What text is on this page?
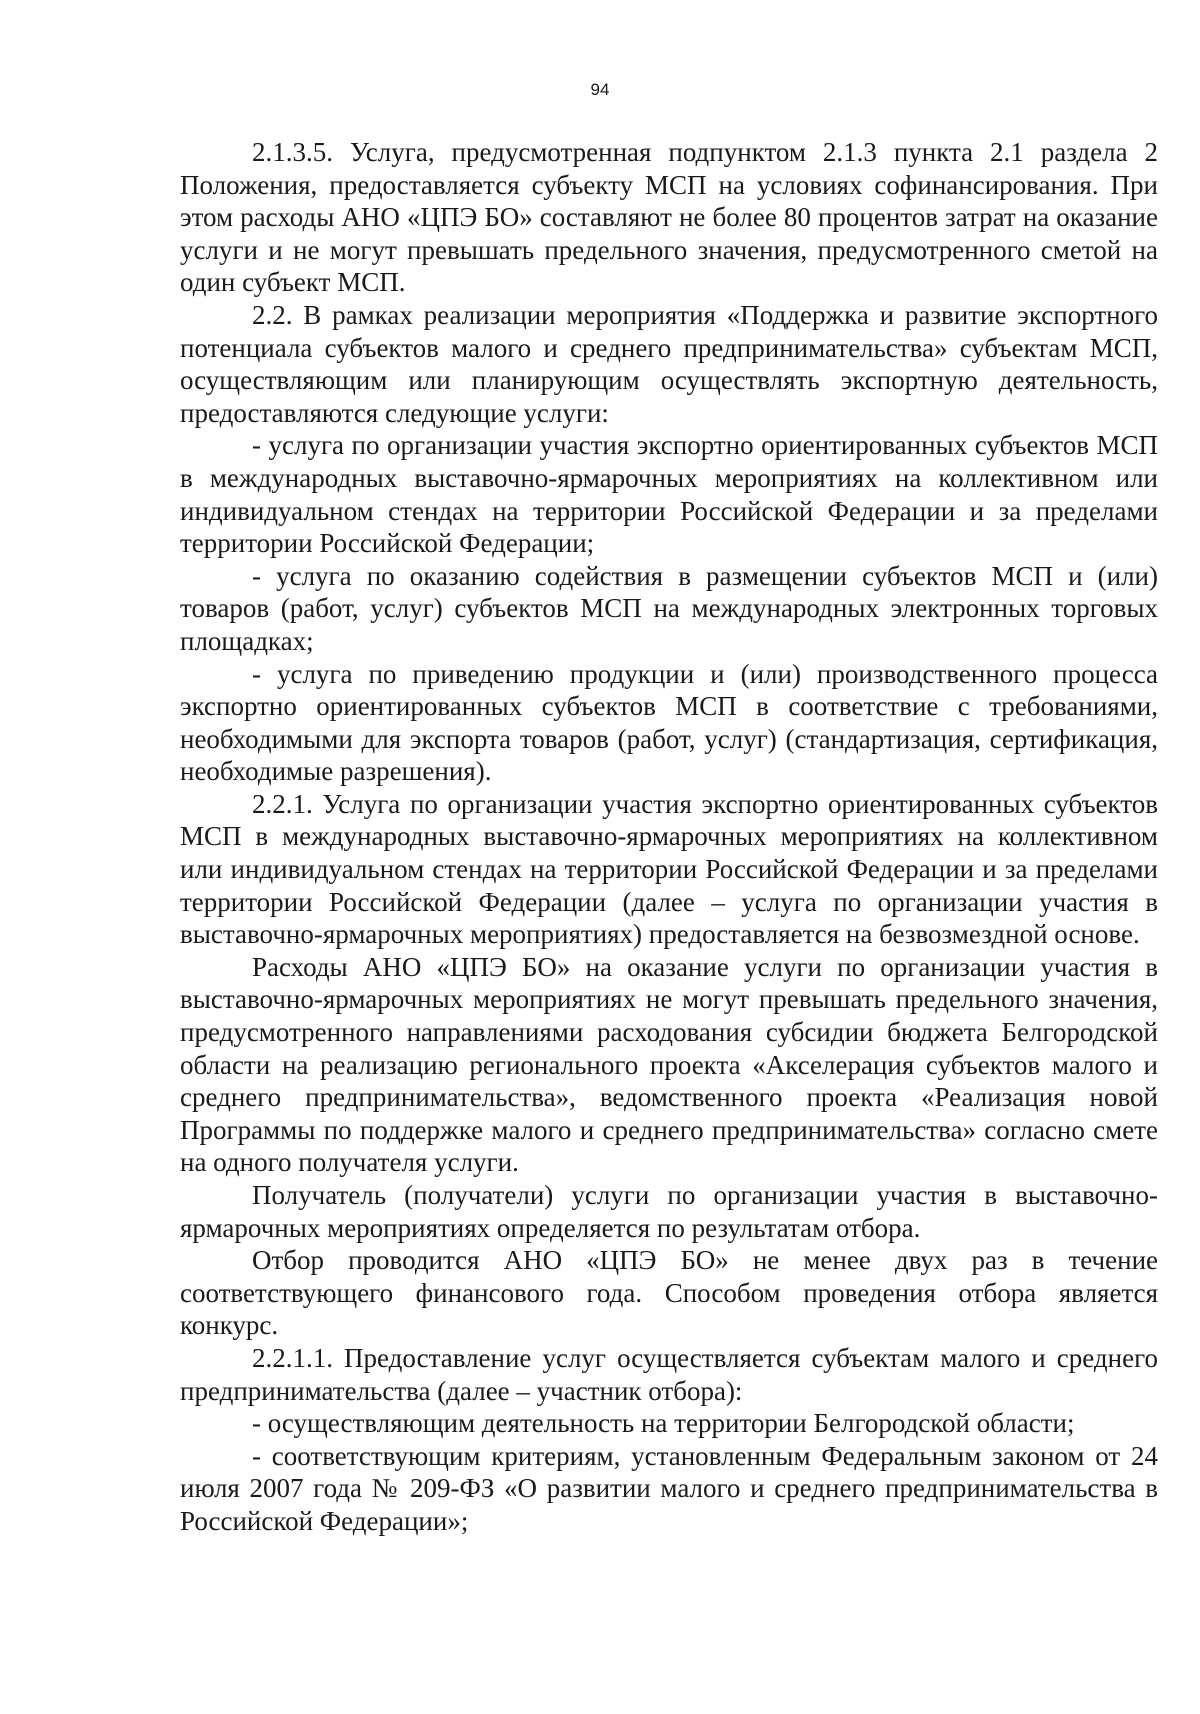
94

2.1.3.5. Услуга, предусмотренная подпунктом 2.1.3 пункта 2.1 раздела 2 Положения, предоставляется субъекту МСП на условиях софинансирования. При этом расходы АНО «ЦПЭ БО» составляют не более 80 процентов затрат на оказание услуги и не могут превышать предельного значения, предусмотренного сметой на один субъект МСП.

2.2. В рамках реализации мероприятия «Поддержка и развитие экспортного потенциала субъектов малого и среднего предпринимательства» субъектам МСП, осуществляющим или планирующим осуществлять экспортную деятельность, предоставляются следующие услуги:

- услуга по организации участия экспортно ориентированных субъектов МСП в международных выставочно-ярмарочных мероприятиях на коллективном или индивидуальном стендах на территории Российской Федерации и за пределами территории Российской Федерации;

- услуга по оказанию содействия в размещении субъектов МСП и (или) товаров (работ, услуг) субъектов МСП на международных электронных торговых площадках;

- услуга по приведению продукции и (или) производственного процесса экспортно ориентированных субъектов МСП в соответствие с требованиями, необходимыми для экспорта товаров (работ, услуг) (стандартизация, сертификация, необходимые разрешения).

2.2.1. Услуга по организации участия экспортно ориентированных субъектов МСП в международных выставочно-ярмарочных мероприятиях на коллективном или индивидуальном стендах на территории Российской Федерации и за пределами территории Российской Федерации (далее – услуга по организации участия в выставочно-ярмарочных мероприятиях) предоставляется на безвозмездной основе.

Расходы АНО «ЦПЭ БО» на оказание услуги по организации участия в выставочно-ярмарочных мероприятиях не могут превышать предельного значения, предусмотренного направлениями расходования субсидии бюджета Белгородской области на реализацию регионального проекта «Акселерация субъектов малого и среднего предпринимательства», ведомственного проекта «Реализация новой Программы по поддержке малого и среднего предпринимательства» согласно смете на одного получателя услуги.

Получатель (получатели) услуги по организации участия в выставочно-ярмарочных мероприятиях определяется по результатам отбора.

Отбор проводится АНО «ЦПЭ БО» не менее двух раз в течение соответствующего финансового года. Способом проведения отбора является конкурс.

2.2.1.1. Предоставление услуг осуществляется субъектам малого и среднего предпринимательства (далее – участник отбора):

- осуществляющим деятельность на территории Белгородской области;

- соответствующим критериям, установленным Федеральным законом от 24 июля 2007 года № 209-ФЗ «О развитии малого и среднего предпринимательства в Российской Федерации»;
